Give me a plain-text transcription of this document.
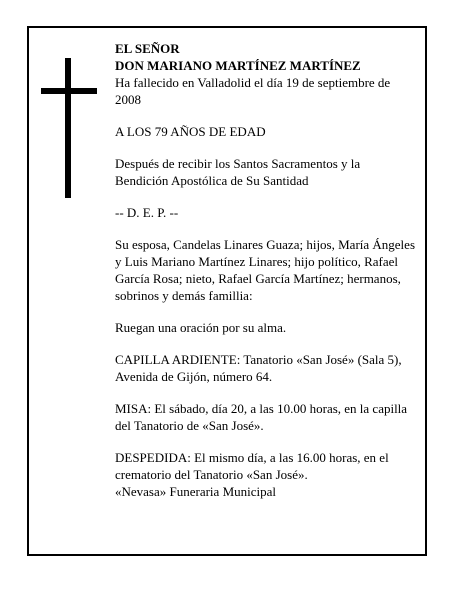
EL SEÑOR
DON MARIANO MARTÍNEZ MARTÍNEZ

Ha fallecido en Valladolid el día 19 de septiembre de 2008

A LOS 79 AÑOS DE EDAD

Después de recibir los Santos Sacramentos y la Bendición Apostólica de Su Santidad

-- D. E. P. --

Su esposa, Candelas Linares Guaza; hijos, María Ángeles y Luis Mariano Martínez Linares; hijo político, Rafael García Rosa; nieto, Rafael García Martínez; hermanos, sobrinos y demás famillia:

Ruegan una oración por su alma.

CAPILLA ARDIENTE: Tanatorio «San José» (Sala 5), Avenida de Gijón, número 64.

MISA: El sábado, día 20, a las 10.00 horas, en la capilla del Tanatorio de «San José».

DESPEDIDA: El mismo día, a las 16.00 horas, en el crematorio del Tanatorio «San José».

«Nevasa» Funeraria Municipal
